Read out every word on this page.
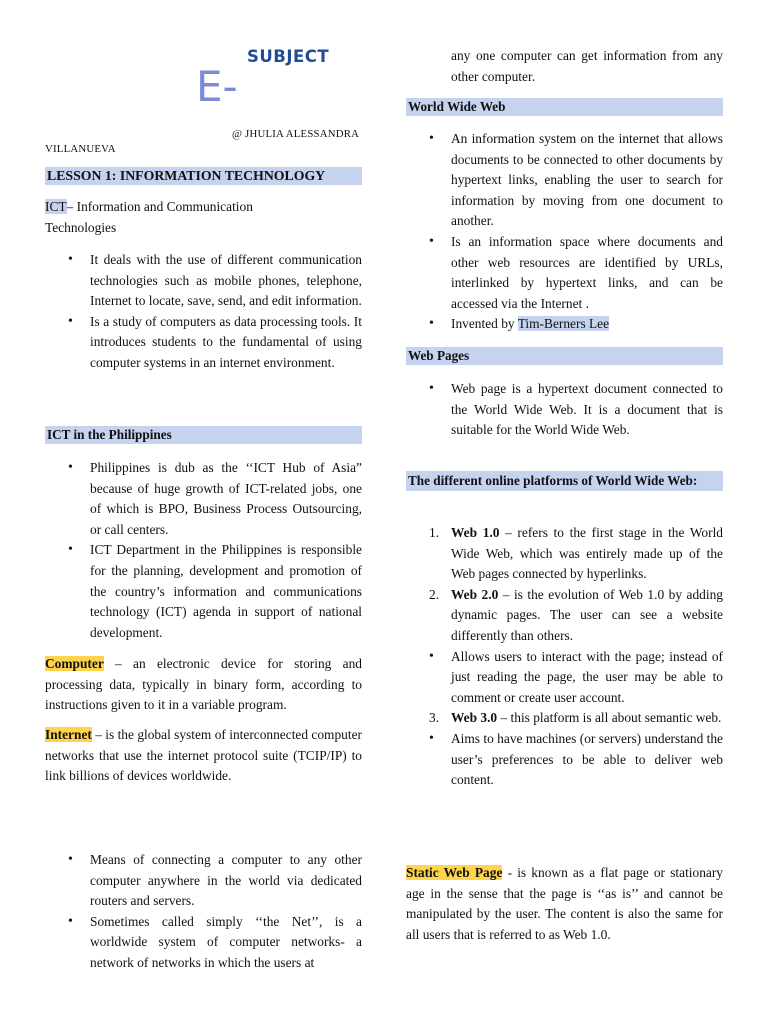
SUBJECT
E-
@ JHULIA ALESSANDRA
VILLANUEVA
LESSON 1: INFORMATION TECHNOLOGY

ICT– Information and Communication Technologies

• It deals with the use of different communication technologies such as mobile phones, telephone, Internet to locate, save, send, and edit information.
• Is a study of computers as data processing tools. It introduces students to the fundamental of using computer systems in an internet environment.
ICT in the Philippines
• Philippines is dub as the ‘‘ICT Hub of Asia” because of huge growth of ICT-related jobs, one of which is BPO, Business Process Outsourcing, or call centers.
• ICT Department in the Philippines is responsible for the planning, development and promotion of the country’s information and communications technology (ICT) agenda in support of national development.

Computer – an electronic device for storing and processing data, typically in binary form, according to instructions given to it in a variable program.

Internet – is the global system of interconnected computer networks that use the internet protocol suite (TCIP/IP) to link billions of devices worldwide.

• Means of connecting a computer to any other computer anywhere in the world via dedicated routers and servers.
• Sometimes called simply ‘‘the Net’’, is a worldwide system of computer networks- a network of networks in which the users at

any one computer can get information from any other computer.

World Wide Web
• An information system on the internet that allows documents to be connected to other documents by hypertext links, enabling the user to search for information by moving from one document to another.
• Is an information space where documents and other web resources are identified by URLs, interlinked by hypertext links, and can be accessed via the Internet .
• Invented by Tim-Berners Lee
Web Pages
• Web page is a hypertext document connected to the World Wide Web. It is a document that is suitable for the World Wide Web.
The different online platforms of World Wide Web:
1. Web 1.0 – refers to the first stage in the World Wide Web, which was entirely made up of the Web pages connected by hyperlinks.
2. Web 2.0 – is the evolution of Web 1.0 by adding dynamic pages. The user can see a website differently than others.
• Allows users to interact with the page; instead of just reading the page, the user may be able to comment or create user account.
3. Web 3.0 – this platform is all about semantic web.
• Aims to have machines (or servers) understand the user’s preferences to be able to deliver web content.

Static Web Page - is known as a flat page or stationary age in the sense that the page is ‘‘as is’’ and cannot be manipulated by the user. The content is also the same for all users that is referred to as Web 1.0.
